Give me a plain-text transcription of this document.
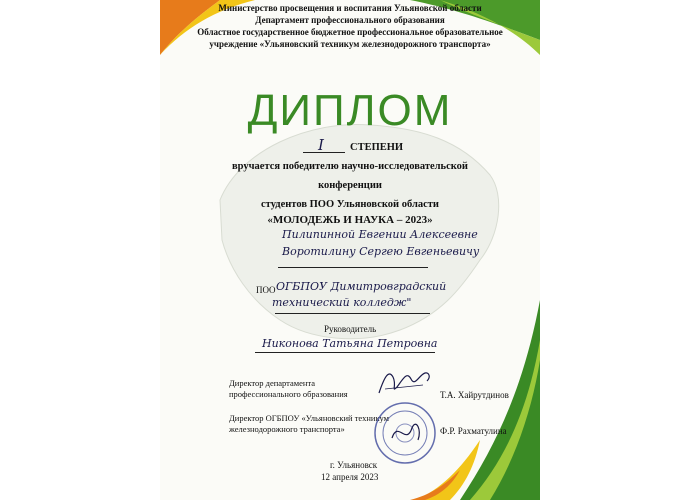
Министерство просвещения и воспитания Ульяновской области
Департамент профессионального образования
Областное государственное бюджетное профессиональное образовательное
учреждение «Ульяновский техникум железнодорожного транспорта»
ДИПЛОМ
I СТЕПЕНИ
вручается победителю научно-исследовательской
конференции
студентов ПОО Ульяновской области
«МОЛОДЕЖЬ И НАУКА – 2023»
Пилипинной Евгении Алексеевне
Воротилину Сергею Евгеньевичу
ПОО ОГБПОУ Димитровградский
технический колледж"
Руководитель
Никонова Татьяна Петровна
Директор департамента
профессионального образования	Т.А. Хайрутдинов
Директор ОГБПОУ «Ульяновский техникум
железнодорожного транспорта»	Ф.Р. Рахматулина
г. Ульяновск
12 апреля 2023
